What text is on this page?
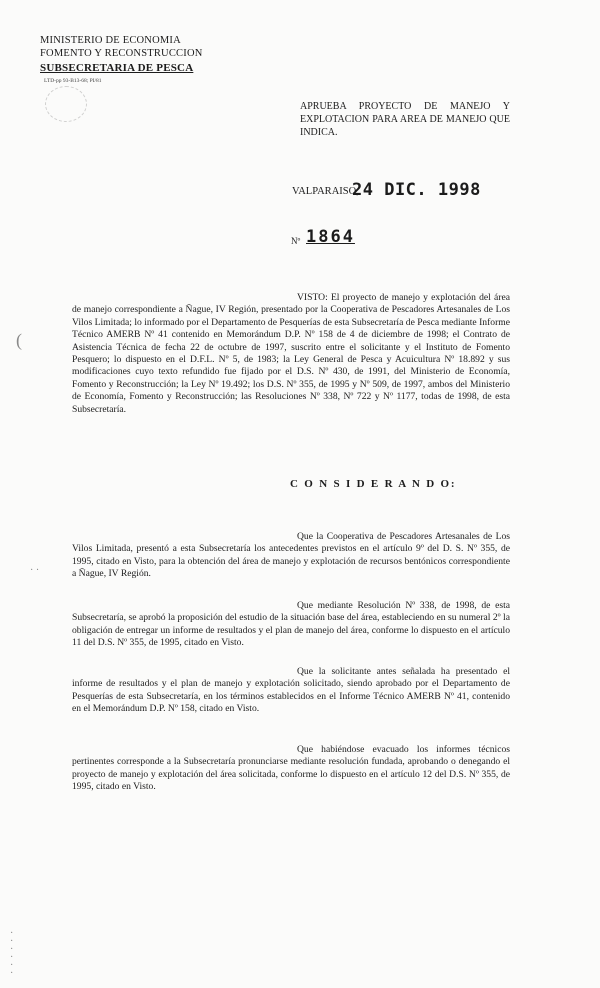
MINISTERIO DE ECONOMIA
FOMENTO Y RECONSTRUCCION
SUBSECRETARIA DE PESCA
LTD-pp 93-B13-68; PI/81
APRUEBA PROYECTO DE MANEJO Y EXPLOTACION PARA AREA DE MANEJO QUE INDICA.
VALPARAISO,
24 DIC. 1998
Nº 1864
VISTO: El proyecto de manejo y explotación del área de manejo correspondiente a Ñague, IV Región, presentado por la Cooperativa de Pescadores Artesanales de Los Vilos Limitada; lo informado por el Departamento de Pesquerías de esta Subsecretaría de Pesca mediante Informe Técnico AMERB Nº 41 contenido en Memorándum D.P. Nº 158 de 4 de diciembre de 1998; el Contrato de Asistencia Técnica de fecha 22 de octubre de 1997, suscrito entre el solicitante y el Instituto de Fomento Pesquero; lo dispuesto en el D.F.L. Nº 5, de 1983; la Ley General de Pesca y Acuicultura Nº 18.892 y sus modificaciones cuyo texto refundido fue fijado por el D.S. Nº 430, de 1991, del Ministerio de Economía, Fomento y Reconstrucción; la Ley Nº 19.492; los D.S. Nº 355, de 1995 y Nº 509, de 1997, ambos del Ministerio de Economía, Fomento y Reconstrucción; las Resoluciones Nº 338, Nº 722 y Nº 1177, todas de 1998, de esta Subsecretaría.
C O N S I D E R A N D O:
Que la Cooperativa de Pescadores Artesanales de Los Vilos Limitada, presentó a esta Subsecretaría los antecedentes previstos en el artículo 9º del D. S. Nº 355, de 1995, citado en Visto, para la obtención del área de manejo y explotación de recursos bentónicos correspondiente a Ñague, IV Región.
Que mediante Resolución Nº 338, de 1998, de esta Subsecretaría, se aprobó la proposición del estudio de la situación base del área, estableciendo en su numeral 2º la obligación de entregar un informe de resultados y el plan de manejo del área, conforme lo dispuesto en el artículo 11 del D.S. Nº 355, de 1995, citado en Visto.
Que la solicitante antes señalada ha presentado el informe de resultados y el plan de manejo y explotación solicitado, siendo aprobado por el Departamento de Pesquerías de esta Subsecretaría, en los términos establecidos en el Informe Técnico AMERB Nº 41, contenido en el Memorándum D.P. Nº 158, citado en Visto.
Que habiéndose evacuado los informes técnicos pertinentes corresponde a la Subsecretaría pronunciarse mediante resolución fundada, aprobando o denegando el proyecto de manejo y explotación del área solicitada, conforme lo dispuesto en el artículo 12 del D.S. Nº 355, de 1995, citado en Visto.
(
· ·
·
·
·
·
·
·
